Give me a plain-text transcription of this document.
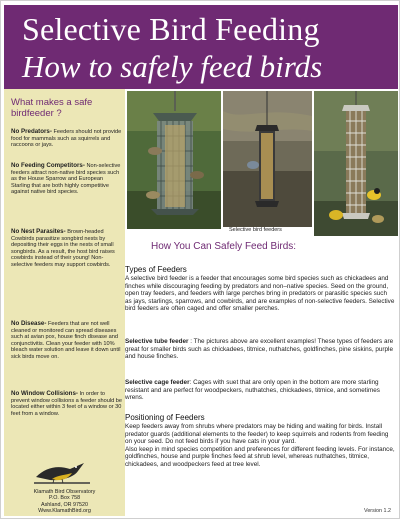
Selective Bird Feeding
How to safely feed birds
What makes a safe birdfeeder ?
No Predators- Feeders should not provide food for mammals such as squirrels and raccoons or jays.
No Feeding Competitors- Non-selective feeders attract non-native bird species such as the House Sparrow and European Starling that are both highly competitive against native bird species.
No Nest Parasites- Brown-headed Cowbirds parasitize songbird nests by depositing their eggs in the nests of small songbirds. As a result, the host bird raises cowbirds instead of their young! Non-selective feeders may support cowbirds.
No Disease- Feeders that are not well cleaned or monitored can spread diseases such at avian pox, house finch disease and conjunctivitis. Clean your feeder with 10% bleach water solution and leave it down until sick birds move on.
No Window Collisions- In order to prevent window collisions a feeder should be located either within 3 feet of a window or 30 feet from a window.
Klamath Bird Observatory
P.O. Box 758
Ashland, OR 97520
Www.KlamathBird.org
Selective bird feeders
How You Can Safely Feed Birds:
Types of Feeders
A selective bird feeder is a feeder that encourages some bird species such as chickadees and finches while discouraging feeding by predators and non–native species. Seed on the ground, open tray feeders, and feeders with large perches bring in predators or parasitic species such as jays, starlings, sparrows, and cowbirds, and are examples of non-selective feeders. Selective bird feeders are often caged and offer smaller perches.
Selective tube feeder : The pictures above are excellent examples! These types of feeders are great for smaller birds such as chickadees, titmice, nuthatches, goldfinches, pine siskins, purple and house finches.
Selective cage feeder: Cages with suet that are only open in the bottom are more starling resistant and are perfect for woodpeckers, nuthatches, chickadees, titmice, and sometimes wrens.
Positioning of Feeders
Keep feeders away from shrubs where predators may be hiding and waiting for birds. Install predator guards (additional elements to the feeder) to keep squirrels and rodents from feeding on your seed. Do not feed birds if you have cats in your yard.
Also keep in mind species competition and preferences for different feeding levels. For instance, goldfinches, house and purple finches feed at shrub level, whereas nuthatches, titmice, chickadees, and woodpeckers feed at tree level.
Version 1.2
